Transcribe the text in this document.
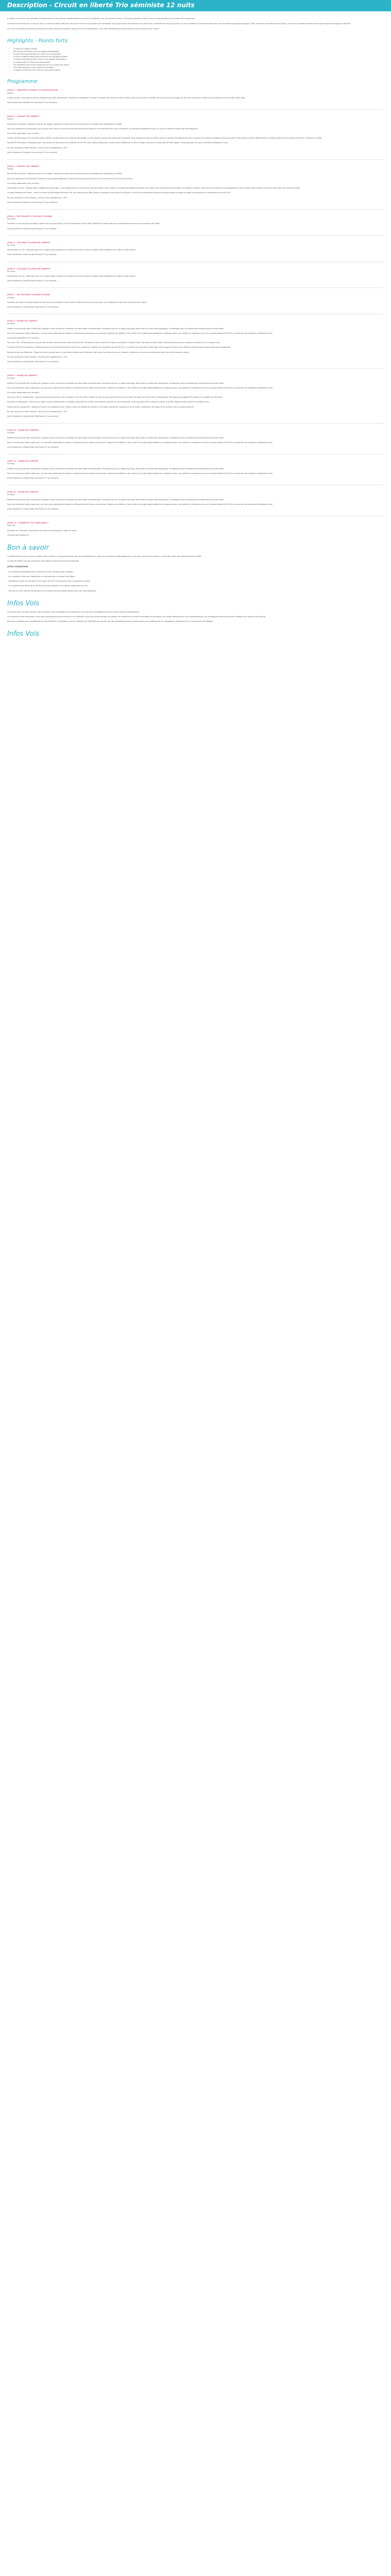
Description - Circuit en liberté Trio séministe 12 nuits

Ce séjour circuit plein vous emmène à la découverte de trois régions emblématiques du sud de la Thaïlande, avec une escale à Phuket, l'île la plus grande de l'Asie et aussi la plus éclectique que le pays met à disposition.

Commencez à Phuket avec 3 nuits au Kata. Le point de départ idéal pour découvrir l'île et son incroyable mer d'Andaman. Vous poursuivez votre aventure vers Koh Kood, la dernière île vierge du sud-est, où vous profiterez de sa nature préservée, ses cascades et ses plages sauvages. Enfin, terminez votre périple à Koh Chang, une île aux multiples facettes entre jungle tropicale et plages de sable fin.

Ce circuit en liberté vous permet de découvrir à votre rythme les meilleurs atouts de ces trois destinations, avec des hébergements sélectionnés pour leur charme et leur confort.

Highlights - Points forts
• Le séjour en hôtels 5 étoiles
• Découverte de Phuket et de ses plages paradisiaques
• La plus belle plage de Kata Noi, entre mer et montagne
• Le tour en bateau autour de Koh Kood et ses cascades secrètes
• La jungle préservée de Koh Chang et ses villages de pêcheurs
• La plage privée du Trisara Koh Kood Resort
• Les transferts inclus entre chaque île pour un voyage sans stress
• Les petits déjeuners inclus dans tous les hôtels
• Le séjour en liberté à votre rythme, sans guide imposé
Programme
JOUR 1 - ARRIVÉE À PHUKET ET INSTALLATION
Phuket

À votre arrivée, vous serez accueilli à l'aéroport par notre représentant. Transfert et installation à l'hôtel. En fonction de l'heure de votre arrivée, vous aurez le loisir de profiter de la piscine ou de la plage, ou bien de commencer à découvrir les alentours de votre hôtel. Dîner libre.

Hotel (Supérieur): Metadee Concept Hotel 5* (ou similaire)
JOUR 2 - PHUKET EN LIBERTÉ
Phuket

Journée libre à Phuket : détendez-vous sur les plages, explorez les trésors et les marchés locaux ou profitez des installations de l'hôtel.

Pour une expérience enrichissante, vous pouvez vous inscrire à une excursion optionnelle pour découvrir les merveilles de la mer d'Andaman, les temples bouddhistes locaux, ou vivre un moment unique avec des éléphants.

Excursions disponibles (non incluses) :

Le tour de Phang Nga et l'île de James Bond. Partez à la découverte de la baie de Phang Nga, un site classé au patrimoine naturel de l'humanité. Vous naviguerez entre les pitons rocheux calcaires émergeant des eaux turquoise et visiterez la célèbre île de James Bond. Pique-nique à bord et découverte du village de pêcheurs musulmans Koh Panyi, construit sur pilotis.

Journée Phi Phi Islands. Embarquez pour une journée de découverte des célèbres îles Phi Phi. Vous visiterez Maya Bay, la baie rendue célèbre par le film La Plage, ainsi que le Viking Cave et Pileh Lagoon. Snorkeling dans les eaux cristallines et déjeuner inclus.

Prix par personne (à titre indicatif) : 55,00 € (hors suppléments) - 80 €

Hotel (Supérieur): Metadee Concept Hotel 5* (ou similaire)
JOUR 3 - PHUKET EN LIBERTÉ
Phuket

Journée libre à Phuket : détendez-vous sur les plages, explorez les trésors et les marchés locaux ou profitez des installations de l'hôtel.

Pour une expérience enrichissante, l'itinéraire vous propose également plusieurs excursions pour découvrir les richesses de l'île et de ses environs.

Excursions disponibles (non incluses) :

Les temples secrets : Plongez dans la religion de Phang Nga, un tour découverte en temple entre les sites majeurs de la région, une grotte bouddhiste illuminée, de la vieille ville de Phuket et des temples aux fresques colorées. Découvrez l'architecture sino-portugaise du vieux Phuket Town et goûtez la cuisine locale dans ses marchés animés.

Le grand Bouddha de Phuket : visitez la statue du Big Buddha dominant l'île, puis découvrez le Wat Chalong, le temple le plus vénéré de Phuket. Ce circuit vous permettra d'admirer des panoramas à couper le souffle et de découvrir le patrimoine culturel de l'île.

Prix par personne (à titre indicatif) : 40,00 € (hors suppléments) - 60 €

Hotel (Supérieur): Metadee Concept Hotel 5* (ou similaire)
JOUR 4 - DE PHUKET À COCONUT ISLAND
Koh Kood

Transfert en mini-van puis en bateau rapide vers Coconut Island, suivi de l'installation à votre hôtel. Profitez de l'après-midi pour vous détendre et découvrir les environs de l'hôtel.

Hotel (Supérieur): Island Escape Burasari 5* (ou similaire)
JOUR 5 - COCONUT ISLAND EN LIBERTÉ
Koh Kood

Journée libre sur l'île : détendez-vous sur la plage privée, explorez les sentiers de Coconut Island ou profitez des installations de l'hôtel à votre rythme.

Hotel (Supérieur): Island Escape Burasari 5* (ou similaire)
JOUR 6 - COCONUT ISLAND EN LIBERTÉ
Koh Kood

Journée libre sur l'île : détendez-vous sur la plage privée, explorez les sentiers de Coconut Island ou profitez des installations de l'hôtel à votre rythme.

Hotel (Supérieur): Island Escape Burasari 5* (ou similaire)
JOUR 7 - DE COCONUT ISLAND À KRABI
Ao Nang

Transfert vers Krabi en bateau rapide et mini-van puis installation à votre hôtel. Profitez de la fin de journée pour vous détendre et découvrir les environs de l'hôtel.

Hotel (Supérieur): Vestige Krabi Villa Resort 4* (ou similaire)
JOUR 8 - KRABI EN LIBERTÉ
Ao Nang

Profitez d'une journée libre à Krabi pour explorer à votre rythme les merveilles de cette région enchanteresse. Promenez-vous sur la plage d'Ao Nang, flânez dans le centre-ville pittoresque, ou détendez-vous en profitant des infrastructures de votre hôtel.

Pour une immersion totale, optez pour une excursion optionnelle et partez à la découverte des trésors environnants. Explorez les célèbres 4 îles à bord d'un longtail boat traditionnel, embarquez pour une croisière en catamaran vers les incontournables îles Phi Phi ou rencontrez les majestueux éléphants d'Asie.

Excursions disponibles (non incluses) :

Tour des 4 îles : Embarquez pour une journée de découverte des plus belles îles de la mer d'Andaman. Vous visiterez Phra Nang Cave Beach, Chicken Island, Tup Island et Poda Island. Snorkeling dans les eaux turquoise et déjeuner sur la plage inclus.

Croisière Phi Phi en catamaran : Embarquez pour une journée d'exception à bord d'un catamaran, explorez les merveilles des îles Phi Phi. La croisière vous emmène à Maya Bay, Pileh Lagoon et Viking Cave. Déjeuner buffet à bord et temps libre pour la baignade.

Rencontre avec les éléphants : Passez une demi-journée dans un sanctuaire éthique pour éléphants. Vous aurez l'occasion de nourrir, baigner et observer ces animaux majestueux dans leur environnement naturel.

Prix par personne (à titre indicatif) : 45,00 € (hors suppléments) - 85 €

Hotel (Supérieur): Vestige Krabi Villa Resort 4* (ou similaire)
JOUR 9 - KRABI EN LIBERTÉ
Ao Nang

Profitez d'une journée libre à Krabi pour explorer à votre rythme les merveilles de cette région enchanteresse. Promenez-vous sur la plage d'Ao Nang, flânez dans le centre-ville pittoresque, ou détendez-vous en profitant des infrastructures de votre hôtel.

Pour une immersion totale, optez pour une excursion optionnelle et partez à la découverte des trésors environnants. Explorez les célèbres 4 îles à bord d'un longtail boat traditionnel, embarquez pour une croisière en catamaran vers les incontournables îles Phi Phi ou rencontrez les majestueux éléphants d'Asie.

Excursions disponibles (non incluses) :

Tour des 4 îles en longtail boat : Commencez votre journée par une escapade sur les îles Poda, Chicken et Tup, où vous pourrez marcher sur le banc de sable qui relie les îles à marée basse. Terminez par la plage de Phra Nang et sa grotte aux offrandes.

Excursion à Hong Island : Découvrez le lagon caché de Hong Island, accessible uniquement en kayak. Entre falaises calcaires et eaux émeraude, cette excursion offre un décor à couper le souffle. Déjeuner pique-nique sur la plage inclus.

Kayak dans les mangroves : Pagayez à travers les mangroves d'Ao Thalane, parmi les falaises de calcaire et les forêts luxuriantes. Observez la faune locale, notamment les singes et les oiseaux, dans un cadre préservé.

Prix par personne (à titre indicatif) : 40,00 € (hors suppléments) - 75 €

Hotel (Supérieur): Vestige Krabi Villa Resort 4* (ou similaire)
JOUR 10 - KRABI EN LIBERTÉ
Ao Nang

Profitez d'une journée libre à Krabi pour explorer à votre rythme les merveilles de cette région enchanteresse. Promenez-vous sur la plage d'Ao Nang, flânez dans le centre-ville pittoresque, ou détendez-vous en profitant des infrastructures de votre hôtel.

Pour une immersion totale, optez pour une excursion optionnelle et partez à la découverte des trésors environnants. Explorez les célèbres 4 îles à bord d'un longtail boat traditionnel, embarquez pour une croisière en catamaran vers les incontournables îles Phi Phi ou rencontrez les majestueux éléphants d'Asie.

Hotel (Supérieur): Vestige Krabi Villa Resort 4* (ou similaire)
JOUR 11 - KRABI EN LIBERTÉ
Ao Nang

Profitez d'une journée libre à Krabi pour explorer à votre rythme les merveilles de cette région enchanteresse. Promenez-vous sur la plage d'Ao Nang, flânez dans le centre-ville pittoresque, ou détendez-vous en profitant des infrastructures de votre hôtel.

Pour une immersion totale, optez pour une excursion optionnelle et partez à la découverte des trésors environnants. Explorez les célèbres 4 îles à bord d'un longtail boat traditionnel, embarquez pour une croisière en catamaran vers les incontournables îles Phi Phi ou rencontrez les majestueux éléphants d'Asie.

Hotel (Supérieur): Vestige Krabi Villa Resort 4* (ou similaire)
JOUR 12 - KRABI EN LIBERTÉ
Ao Nang

Profitez d'une journée libre à Krabi pour explorer à votre rythme les merveilles de cette région enchanteresse. Promenez-vous sur la plage d'Ao Nang, flânez dans le centre-ville pittoresque, ou détendez-vous en profitant des infrastructures de votre hôtel.

Pour une immersion totale, optez pour une excursion optionnelle et partez à la découverte des trésors environnants. Explorez les célèbres 4 îles à bord d'un longtail boat traditionnel, embarquez pour une croisière en catamaran vers les incontournables îles Phi Phi ou rencontrez les majestueux éléphants d'Asie.

Hotel (Supérieur): Vestige Krabi Villa Resort 4* (ou similaire)
JOUR 13 - À BIENTÔT EN THAÏLANDE !
Krabi Ind.

Transfert vers l'aéroport international de Krabi ou de Phuket pour votre vol retour.

**FIN DE NOS SERVICES**

Bon à savoir

Le déroulement de vos circuits en liberté à titre indicatif. Ce programme peut subir des modifications en raison des conditions météorologiques ou tout autre cas de force majeure. L'ordre des visites peut également être modifié.

La liste des hôtels n'est pas exhaustive, des hôtels similaires peuvent être proposés.

AUTRE COMMENTAIRE

- Les chambres twin/double pour le premier cas de 2 personnes par chambre.

- Les chambres triples sont disponibles sur demande dans la plupart des hôtels.

- Supplément single sur demande. Tarif à partir de 550 € par personne pour l'ensemble du séjour.

- Les transferts sont effectués en véhicules privés climatisés et en bateau rapide selon les îles.

- Tous les prix sont affichés par personne sur la base d'une occupation double (hors vols internationaux).

Infos Vols

Les horaires des vols sont donnés à titre indicatif et sont susceptibles de modification de la part de la compagnie aérienne ou des autorités aéroportuaires.

Au moment de votre réservation, nous vous communiquerons les horaires de vol définitifs. Nous vous recommandons de vérifier vos horaires de vol avant votre départ et de prévoir une marge suffisante pour vos correspondances. Les compagnies aériennes peuvent modifier leurs horaires sans préavis.

Nous vous proposons des compléments de vols intérieurs si nécessaire. Les vols intérieurs en Thaïlande sont assurés par des compagnies locales et sont soumis aux conditions de ces compagnies, notamment en ce qui concerne les bagages.

Infos Vols
